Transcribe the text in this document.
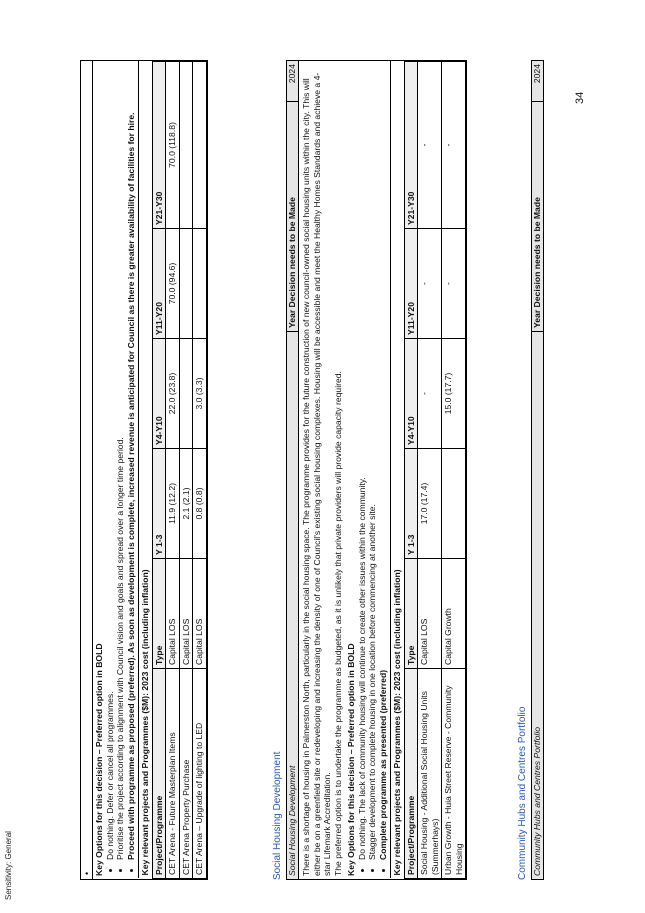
Sensitivity: General
34
• Key Options for this decision – Preferred option in BOLD • Do nothing. Defer or cancel all programmes. • Prioritise the project according to alignment with Council vision and goals and spread over a longer time period. • Proceed with programme as proposed (preferred). As soon as development is complete, increased revenue is anticipated for Council as there is greater availability of facilities for hire. Key relevant projects and Programmes ($M): 2023 cost (including inflation)					
Project/Programme	Type	Y 1-3	Y4-Y10	Y11-Y20	Y21-Y30
CET Arena - Future Masterplan Items	Capital LOS	11.9 (12.2)	22.0 (23.8)	70.0 (94.6)	70.0 (118.8)
CET Arena Property Purchase	Capital LOS	2.1 (2.1)			
CET Arena – Upgrade of lighting to LED	Capital LOS	0.8 (0.8)	3.0 (3.3)		
Social Housing Development Social Housing Development
Year Decision needs to be Made
2024
There is a shortage of housing in Palmerston North, particularly in the social housing space. The programme provides for the future construction of new council-owned social housing units within the city. This will either be on a greenfield site or redeveloping and increasing the density of one of Council's existing social housing complexes. Housing will be accessible and meet the Healthy Homes Standards and achieve a 4-star Lifemark Accreditation. The preferred option is to undertake the programme as budgeted, as it is unlikely that private providers will provide capacity required. Key Options for this decision – Preferred option in BOLD • Do nothing. The lack of community housing will continue to create other issues within the community. • Stagger development to complete housing in one location before commencing at another site. • Complete programme as presented (preferred) Key relevant projects and Programmes ($M): 2023 cost (including inflation)					
Project/Programme	Type	Y 1-3	Y4-Y10	Y11-Y20	Y21-Y30
Social Housing - Additional Social Housing Units (Summerhays)	Capital LOS	17.0 (17.4)	-	-	-
Urban Growth - Huia Street Reserve - Community Housing	Capital Growth		15.0 (17.7)	-	-
Community Hubs and Centres Portfolio Community Hubs and Centres Portfolio
Year Decision needs to be Made
2024
